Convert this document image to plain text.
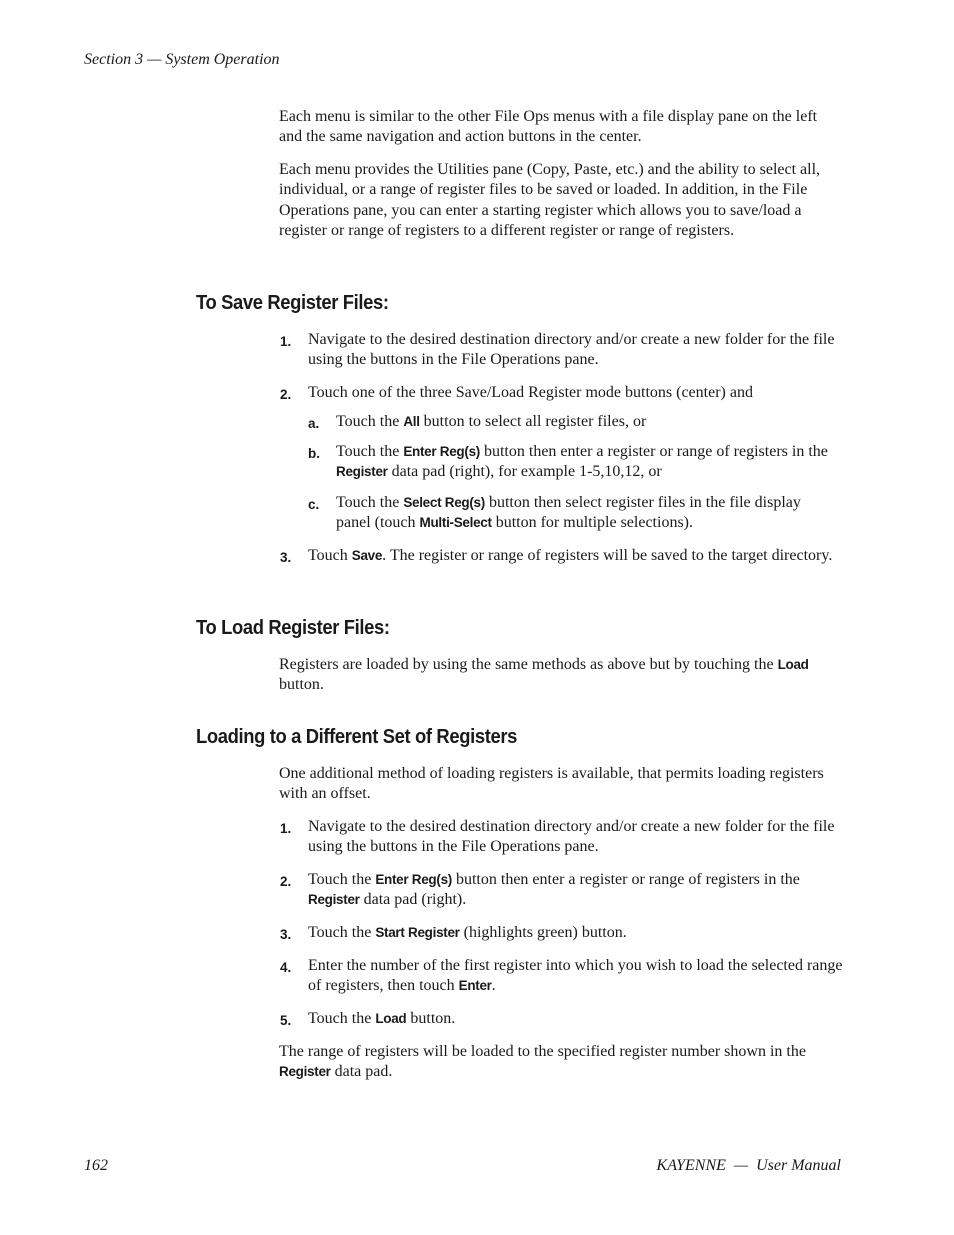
Section 3 — System Operation

Each menu is similar to the other File Ops menus with a file display pane on the left and the same navigation and action buttons in the center.

Each menu provides the Utilities pane (Copy, Paste, etc.) and the ability to select all, individual, or a range of register files to be saved or loaded. In addition, in the File Operations pane, you can enter a starting register which allows you to save/load a register or range of registers to a different register or range of registers.

To Save Register Files:
1. Navigate to the desired destination directory and/or create a new folder for the file using the buttons in the File Operations pane.
2. Touch one of the three Save/Load Register mode buttons (center) and
a. Touch the All button to select all register files, or
b. Touch the Enter Reg(s) button then enter a register or range of registers in the Register data pad (right), for example 1-5,10,12, or
c. Touch the Select Reg(s) button then select register files in the file display panel (touch Multi-Select button for multiple selections).
3. Touch Save. The register or range of registers will be saved to the target directory.
To Load Register Files:

Registers are loaded by using the same methods as above but by touching the Load button.

Loading to a Different Set of Registers

One additional method of loading registers is available, that permits loading registers with an offset.

1. Navigate to the desired destination directory and/or create a new folder for the file using the buttons in the File Operations pane.
2. Touch the Enter Reg(s) button then enter a register or range of registers in the Register data pad (right).
3. Touch the Start Register (highlights green) button.
4. Enter the number of the first register into which you wish to load the selected range of registers, then touch Enter.
5. Touch the Load button.

The range of registers will be loaded to the specified register number shown in the Register data pad.

162	KAYENNE  —  User Manual
